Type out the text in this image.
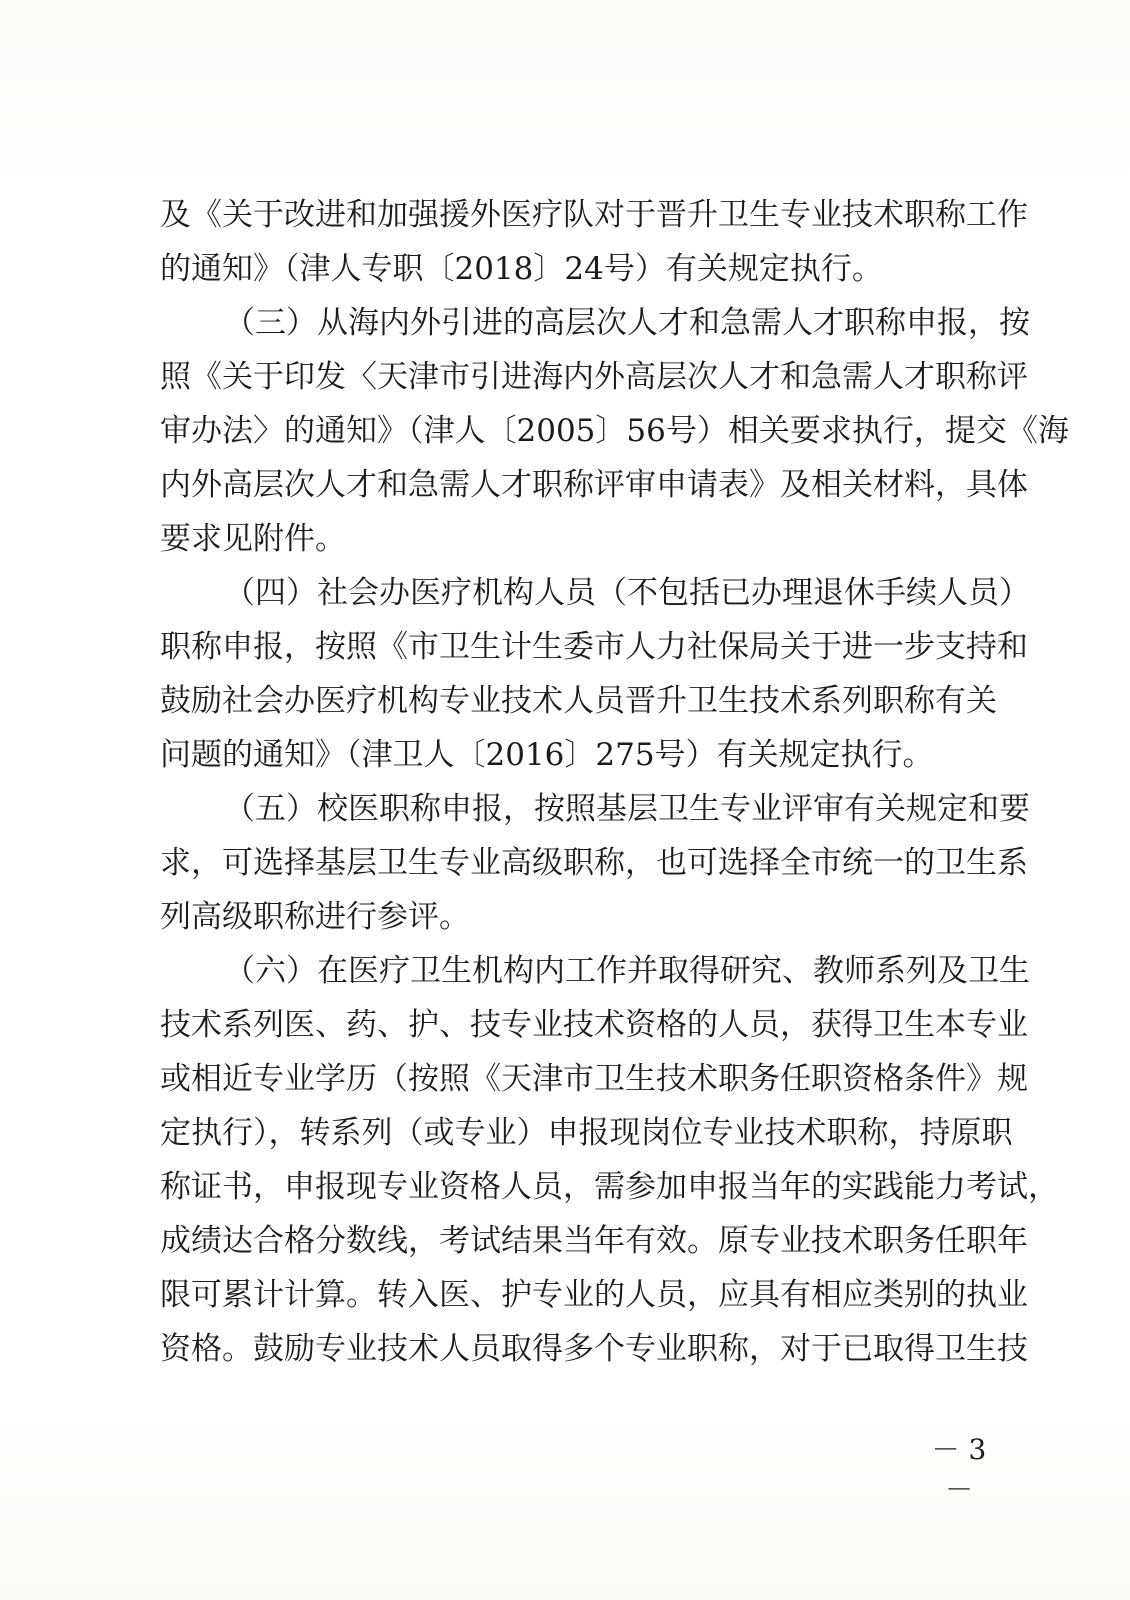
及《关于改进和加强援外医疗队对于晋升卫生专业技术职称工作
的通知》（津人专职〔2018〕24号）有关规定执行。
（三）从海内外引进的高层次人才和急需人才职称申报，按
照《关于印发〈天津市引进海内外高层次人才和急需人才职称评
审办法〉的通知》（津人〔2005〕56号）相关要求执行，提交《海
内外高层次人才和急需人才职称评审申请表》及相关材料，具体
要求见附件。
（四）社会办医疗机构人员（不包括已办理退休手续人员）
职称申报，按照《市卫生计生委市人力社保局关于进一步支持和
鼓励社会办医疗机构专业技术人员晋升卫生技术系列职称有关
问题的通知》（津卫人〔2016〕275号）有关规定执行。
（五）校医职称申报，按照基层卫生专业评审有关规定和要
求，可选择基层卫生专业高级职称，也可选择全市统一的卫生系
列高级职称进行参评。
（六）在医疗卫生机构内工作并取得研究、教师系列及卫生
技术系列医、药、护、技专业技术资格的人员，获得卫生本专业
或相近专业学历（按照《天津市卫生技术职务任职资格条件》规
定执行），转系列（或专业）申报现岗位专业技术职称，持原职
称证书，申报现专业资格人员，需参加申报当年的实践能力考试，
成绩达合格分数线，考试结果当年有效。原专业技术职务任职年
限可累计计算。转入医、护专业的人员，应具有相应类别的执业
资格。鼓励专业技术人员取得多个专业职称，对于已取得卫生技
－ 3 －
